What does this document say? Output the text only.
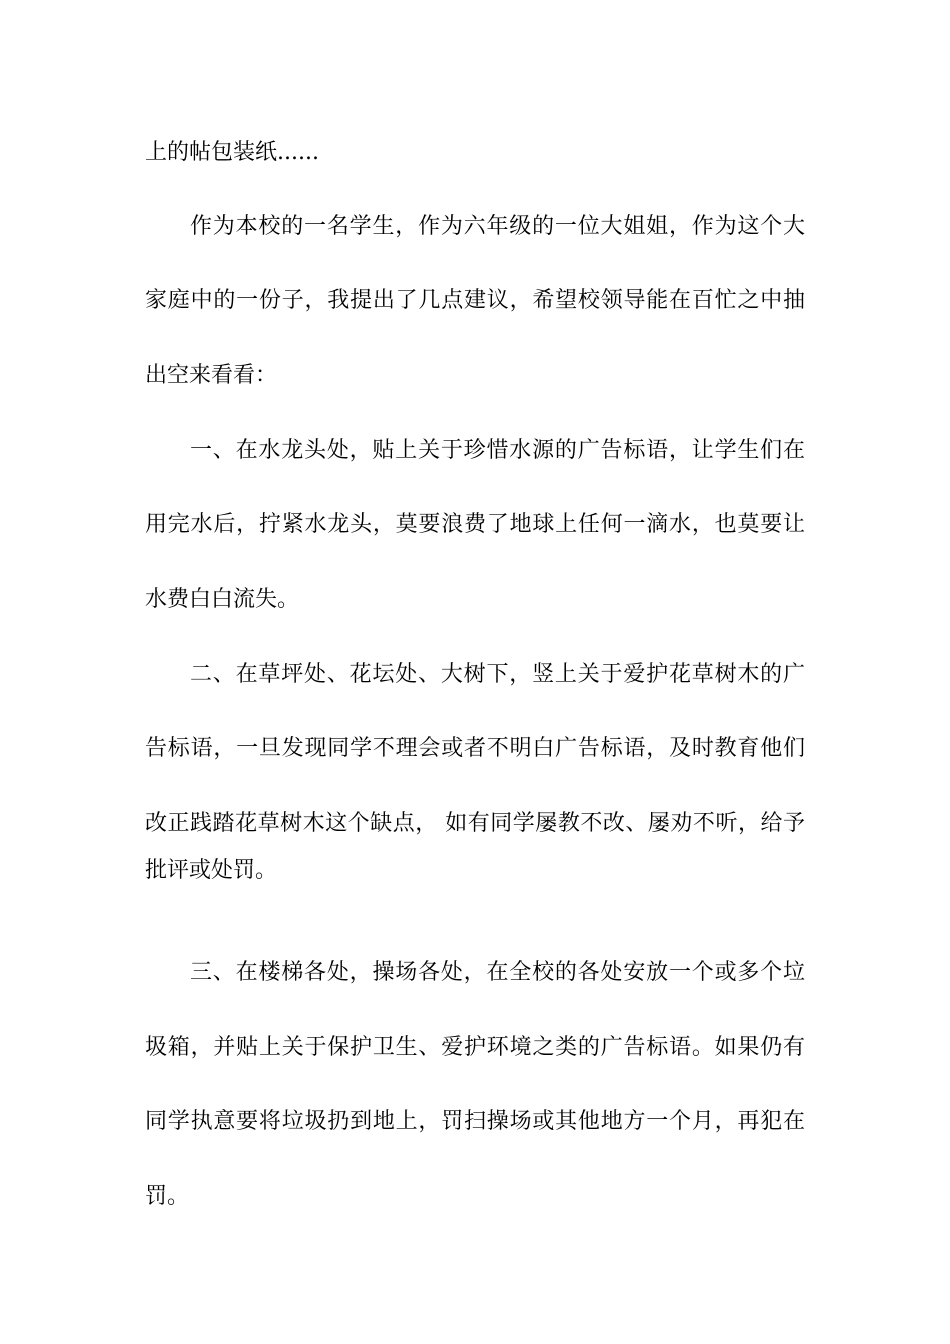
上的帖包装纸......
作为本校的一名学生，作为六年级的一位大姐姐，作为这个大
家庭中的一份子，我提出了几点建议，希望校领导能在百忙之中抽
出空来看看：
一、在水龙头处，贴上关于珍惜水源的广告标语，让学生们在
用完水后，拧紧水龙头，莫要浪费了地球上任何一滴水，也莫要让
水费白白流失。
二、在草坪处、花坛处、大树下，竖上关于爱护花草树木的广
告标语，一旦发现同学不理会或者不明白广告标语，及时教育他们
改正践踏花草树木这个缺点， 如有同学屡教不改、屡劝不听，给予
批评或处罚。
三、在楼梯各处，操场各处，在全校的各处安放一个或多个垃
圾箱，并贴上关于保护卫生、爱护环境之类的广告标语。如果仍有
同学执意要将垃圾扔到地上，罚扫操场或其他地方一个月，再犯在
罚。
